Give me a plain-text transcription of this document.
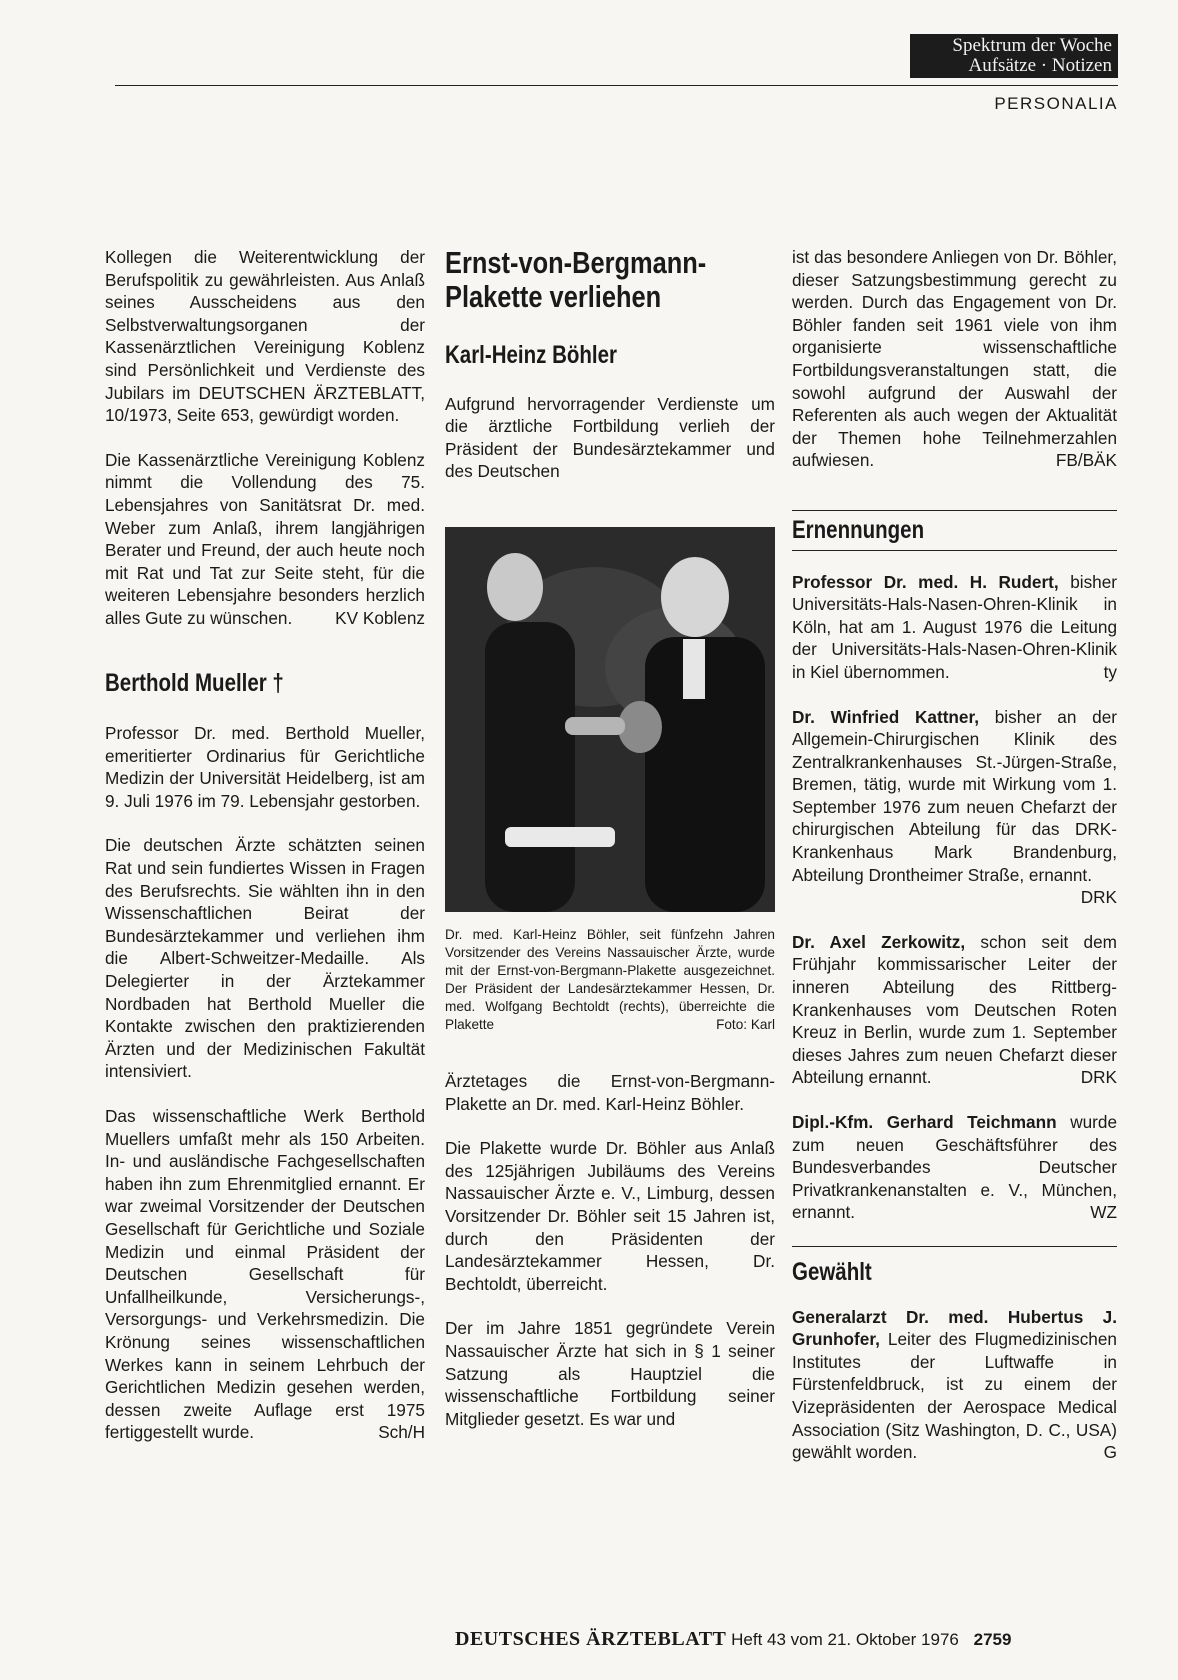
Spektrum der Woche
Aufsätze · Notizen
PERSONALIA

Kollegen die Weiterentwicklung der Berufspolitik zu gewährleisten. Aus Anlaß seines Ausscheidens aus den Selbstverwaltungsorganen der Kassenärztlichen Vereinigung Koblenz sind Persönlichkeit und Verdienste des Jubilars im DEUTSCHEN ÄRZTEBLATT, 10/1973, Seite 653, gewürdigt worden.

Die Kassenärztliche Vereinigung Koblenz nimmt die Vollendung des 75. Lebensjahres von Sanitätsrat Dr. med. Weber zum Anlaß, ihrem langjährigen Berater und Freund, der auch heute noch mit Rat und Tat zur Seite steht, für die weiteren Lebensjahre besonders herzlich alles Gute zu wünschen. KV Koblenz

Berthold Mueller †

Professor Dr. med. Berthold Mueller, emeritierter Ordinarius für Gerichtliche Medizin der Universität Heidelberg, ist am 9. Juli 1976 im 79. Lebensjahr gestorben.

Die deutschen Ärzte schätzten seinen Rat und sein fundiertes Wissen in Fragen des Berufsrechts. Sie wählten ihn in den Wissenschaftlichen Beirat der Bundesärztekammer und verliehen ihm die Albert-Schweitzer-Medaille. Als Delegierter in der Ärztekammer Nordbaden hat Berthold Mueller die Kontakte zwischen den praktizierenden Ärzten und der Medizinischen Fakultät intensiviert.

Das wissenschaftliche Werk Berthold Muellers umfaßt mehr als 150 Arbeiten. In- und ausländische Fachgesellschaften haben ihn zum Ehrenmitglied ernannt. Er war zweimal Vorsitzender der Deutschen Gesellschaft für Gerichtliche und Soziale Medizin und einmal Präsident der Deutschen Gesellschaft für Unfallheilkunde, Versicherungs-, Versorgungs- und Verkehrsmedizin. Die Krönung seines wissenschaftlichen Werkes kann in seinem Lehrbuch der Gerichtlichen Medizin gesehen werden, dessen zweite Auflage erst 1975 fertiggestellt wurde.	Sch/H

Ernst-von-Bergmann-Plakette verliehen
Karl-Heinz Böhler

Aufgrund hervorragender Verdienste um die ärztliche Fortbildung verlieh der Präsident der Bundesärztekammer und des Deutschen

Dr. med. Karl-Heinz Böhler, seit fünfzehn Jahren Vorsitzender des Vereins Nassauischer Ärzte, wurde mit der Ernst-von-Bergmann-Plakette ausgezeichnet. Der Präsident der Landesärztekammer Hessen, Dr. med. Wolfgang Bechtoldt (rechts), überreichte die Plakette	Foto: Karl

Ärztetages die Ernst-von-Bergmann-Plakette an Dr. med. Karl-Heinz Böhler.

Die Plakette wurde Dr. Böhler aus Anlaß des 125jährigen Jubiläums des Vereins Nassauischer Ärzte e. V., Limburg, dessen Vorsitzender Dr. Böhler seit 15 Jahren ist, durch den Präsidenten der Landesärztekammer Hessen, Dr. Bechtoldt, überreicht.

Der im Jahre 1851 gegründete Verein Nassauischer Ärzte hat sich in § 1 seiner Satzung als Hauptziel die wissenschaftliche Fortbildung seiner Mitglieder gesetzt. Es war und

ist das besondere Anliegen von Dr. Böhler, dieser Satzungsbestimmung gerecht zu werden. Durch das Engagement von Dr. Böhler fanden seit 1961 viele von ihm organisierte wissenschaftliche Fortbildungsveranstaltungen statt, die sowohl aufgrund der Auswahl der Referenten als auch wegen der Aktualität der Themen hohe Teilnehmerzahlen aufwiesen.	FB/BÄK

Ernennungen

Professor Dr. med. H. Rudert, bisher Universitäts-Hals-Nasen-Ohren-Klinik in Köln, hat am 1. August 1976 die Leitung der Universitäts-Hals-Nasen-Ohren-Klinik in Kiel übernommen.	ty

Dr. Winfried Kattner, bisher an der Allgemein-Chirurgischen Klinik des Zentralkrankenhauses St.-Jürgen-Straße, Bremen, tätig, wurde mit Wirkung vom 1. September 1976 zum neuen Chefarzt der chirurgischen Abteilung für das DRK-Krankenhaus Mark Brandenburg, Abteilung Drontheimer Straße, ernannt.
DRK

Dr. Axel Zerkowitz, schon seit dem Frühjahr kommissarischer Leiter der inneren Abteilung des Rittberg-Krankenhauses vom Deutschen Roten Kreuz in Berlin, wurde zum 1. September dieses Jahres zum neuen Chefarzt dieser Abteilung ernannt.	DRK

Dipl.-Kfm. Gerhard Teichmann wurde zum neuen Geschäftsführer des Bundesverbandes Deutscher Privatkrankenanstalten e. V., München, ernannt.	WZ

Gewählt

Generalarzt Dr. med. Hubertus J. Grunhofer, Leiter des Flugmedizinischen Institutes der Luftwaffe in Fürstenfeldbruck, ist zu einem der Vizepräsidenten der Aerospace Medical Association (Sitz Washington, D. C., USA) gewählt worden.	G

DEUTSCHES ÄRZTEBLATT Heft 43 vom 21. Oktober 1976 2759
